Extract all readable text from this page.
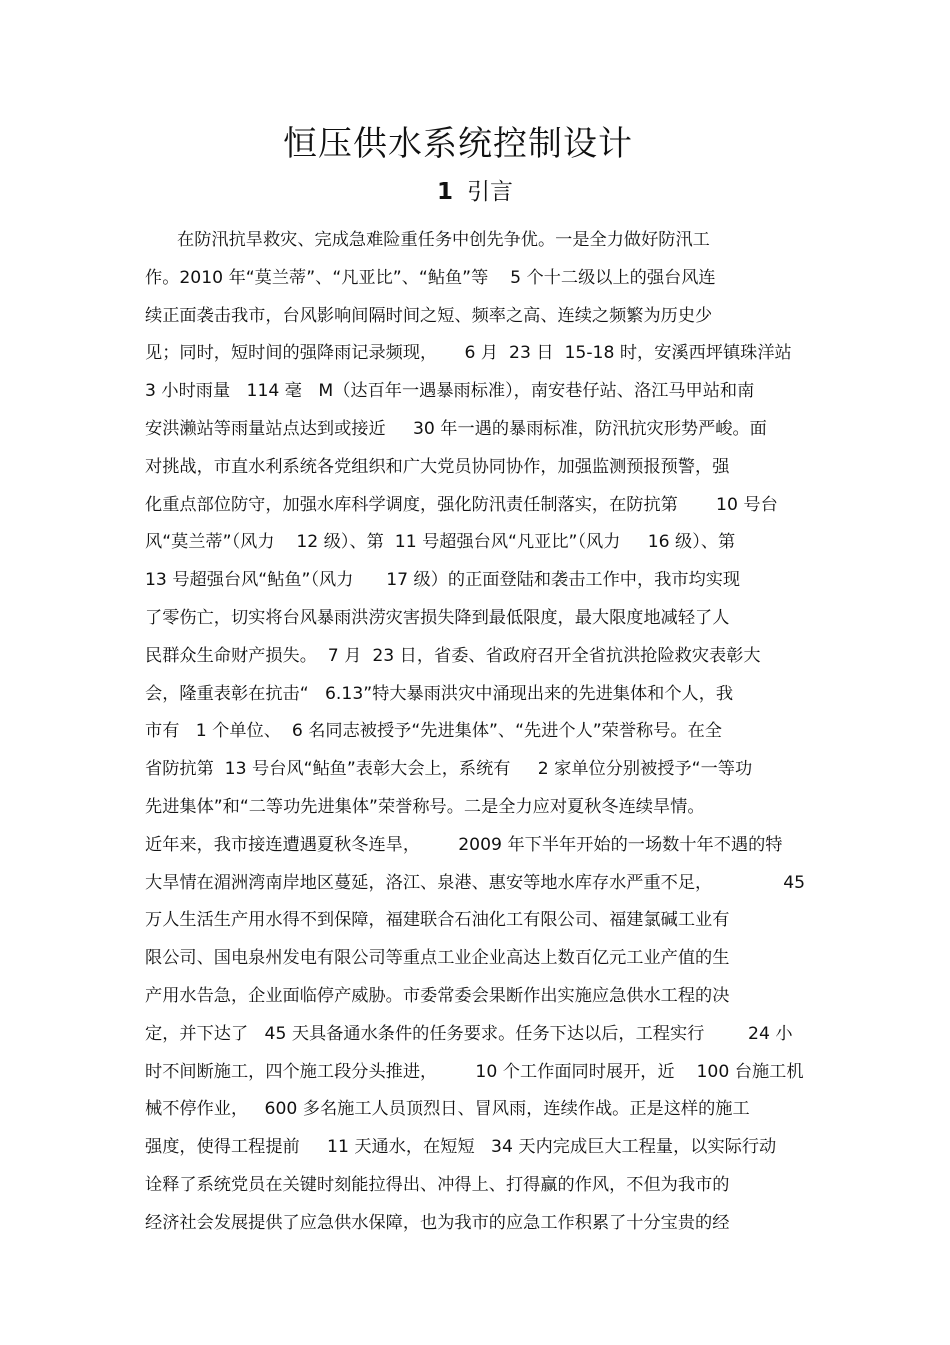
恒压供水系统控制设计
1 引言
在防汛抗旱救灾、完成急难险重任务中创先争优。一是全力做好防汛工
作。2010 年“莫兰蒂”、“凡亚比”、“鲇鱼”等    5 个十二级以上的强台风连
续正面袭击我市，台风影响间隔时间之短、频率之高、连续之频繁为历史少
见；同时，短时间的强降雨记录频现，     6 月  23 日  15-18 时，安溪西坪镇珠洋站
3 小时雨量   114 毫   M（达百年一遇暴雨标准），南安巷仔站、洛江马甲站和南
安洪濑站等雨量站点达到或接近     30 年一遇的暴雨标准，防汛抗灾形势严峻。面
对挑战，市直水利系统各党组织和广大党员协同协作，加强监测预报预警，强
化重点部位防守，加强水库科学调度，强化防汛责任制落实，在防抗第       10 号台
风“莫兰蒂”（风力    12 级）、第  11 号超强台风“凡亚比”（风力     16 级）、第
13 号超强台风“鲇鱼”（风力      17 级）的正面登陆和袭击工作中，我市均实现
了零伤亡，切实将台风暴雨洪涝灾害损失降到最低限度，最大限度地减轻了人
民群众生命财产损失。  7 月  23 日，省委、省政府召开全省抗洪抢险救灾表彰大
会，隆重表彰在抗击“   6.13”特大暴雨洪灾中涌现出来的先进集体和个人，我
市有   1 个单位、  6 名同志被授予“先进集体”、“先进个人”荣誉称号。在全
省防抗第  13 号台风“鲇鱼”表彰大会上，系统有     2 家单位分别被授予“一等功
先进集体”和“二等功先进集体”荣誉称号。二是全力应对夏秋冬连续旱情。
近年来，我市接连遭遇夏秋冬连旱，       2009 年下半年开始的一场数十年不遇的特
大旱情在湄洲湾南岸地区蔓延，洛江、泉港、惠安等地水库存水严重不足，             45
万人生活生产用水得不到保障，福建联合石油化工有限公司、福建氯碱工业有
限公司、国电泉州发电有限公司等重点工业企业高达上数百亿元工业产值的生
产用水告急，企业面临停产威胁。市委常委会果断作出实施应急供水工程的决
定，并下达了   45 天具备通水条件的任务要求。任务下达以后，工程实行        24 小
时不间断施工，四个施工段分头推进，       10 个工作面同时展开，近    100 台施工机
械不停作业，   600 多名施工人员顶烈日、冒风雨，连续作战。正是这样的施工
强度，使得工程提前     11 天通水，在短短   34 天内完成巨大工程量，以实际行动
诠释了系统党员在关键时刻能拉得出、冲得上、打得赢的作风，不但为我市的
经济社会发展提供了应急供水保障，也为我市的应急工作积累了十分宝贵的经
